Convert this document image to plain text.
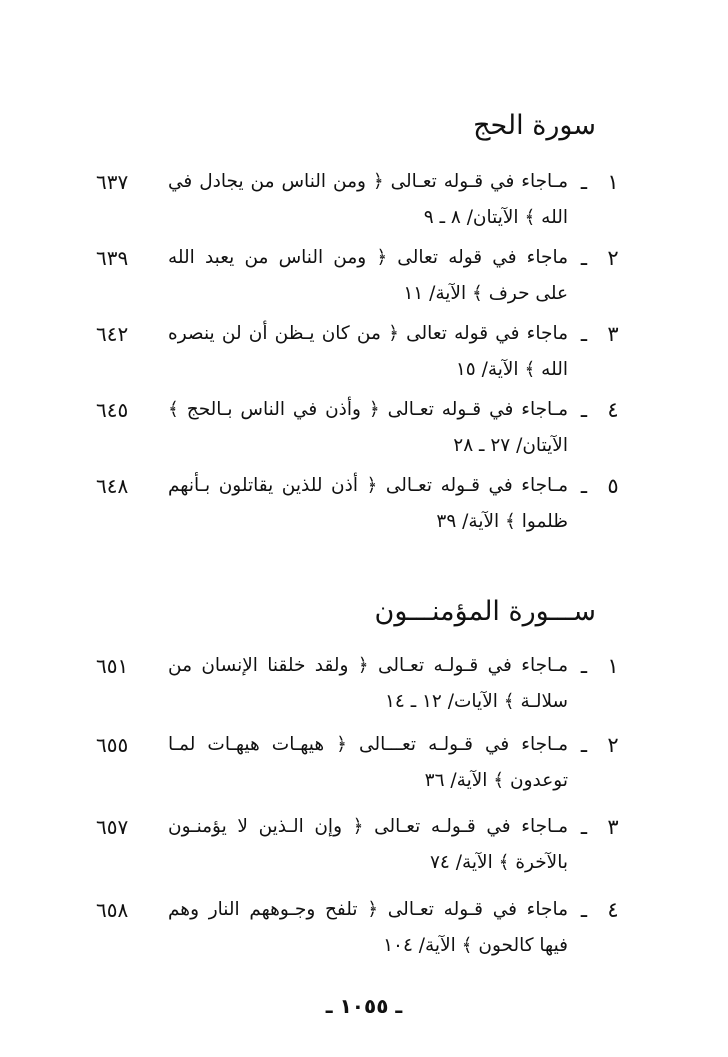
سورة الحج
١
ـ
مـاجاء في قـوله تعـالى ﴿ ومن الناس من يجادل في الله ﴾ الآيتان/ ٨ ـ ٩
٦٣٧
٢
ـ
ماجاء في قوله تعالى ﴿ ومن الناس من يعبد الله على حرف ﴾ الآية/ ١١
٦٣٩
٣
ـ
ماجاء في قوله تعالى ﴿ من كان يـظن أن لن ينصره الله ﴾ الآية/ ١٥
٦٤٢
٤
ـ
مـاجاء في قـوله تعـالى ﴿ وأذن في الناس بـالحج ﴾ الآيتان/ ٢٧ ـ ٢٨
٦٤٥
٥
ـ
مـاجاء في قـوله تعـالى ﴿ أذن للذين يقاتلون بـأنهم ظلموا ﴾ الآية/ ٣٩
٦٤٨
ســـورة المؤمنـــون
١
ـ
مـاجاء في قـولـه تعـالى ﴿ ولقد خلقنا الإنسان من سلالـة ﴾ الآيات/ ١٢ ـ ١٤
٦٥١
٢
ـ
مـاجاء في قـولـه تعـــالى ﴿ هيهـات هيهـات لمـا توعدون ﴾ الآية/ ٣٦
٦٥٥
٣
ـ
مـاجاء في قـولـه تعـالى ﴿ وإن الـذين لا يؤمنـون بالآخرة ﴾ الآية/ ٧٤
٦٥٧
٤
ـ
ماجاء في قـوله تعـالى ﴿ تلفح وجـوههم النار وهم فيها كالحون ﴾ الآية/ ١٠٤
٦٥٨
ـ ١٠٥٥ ـ
